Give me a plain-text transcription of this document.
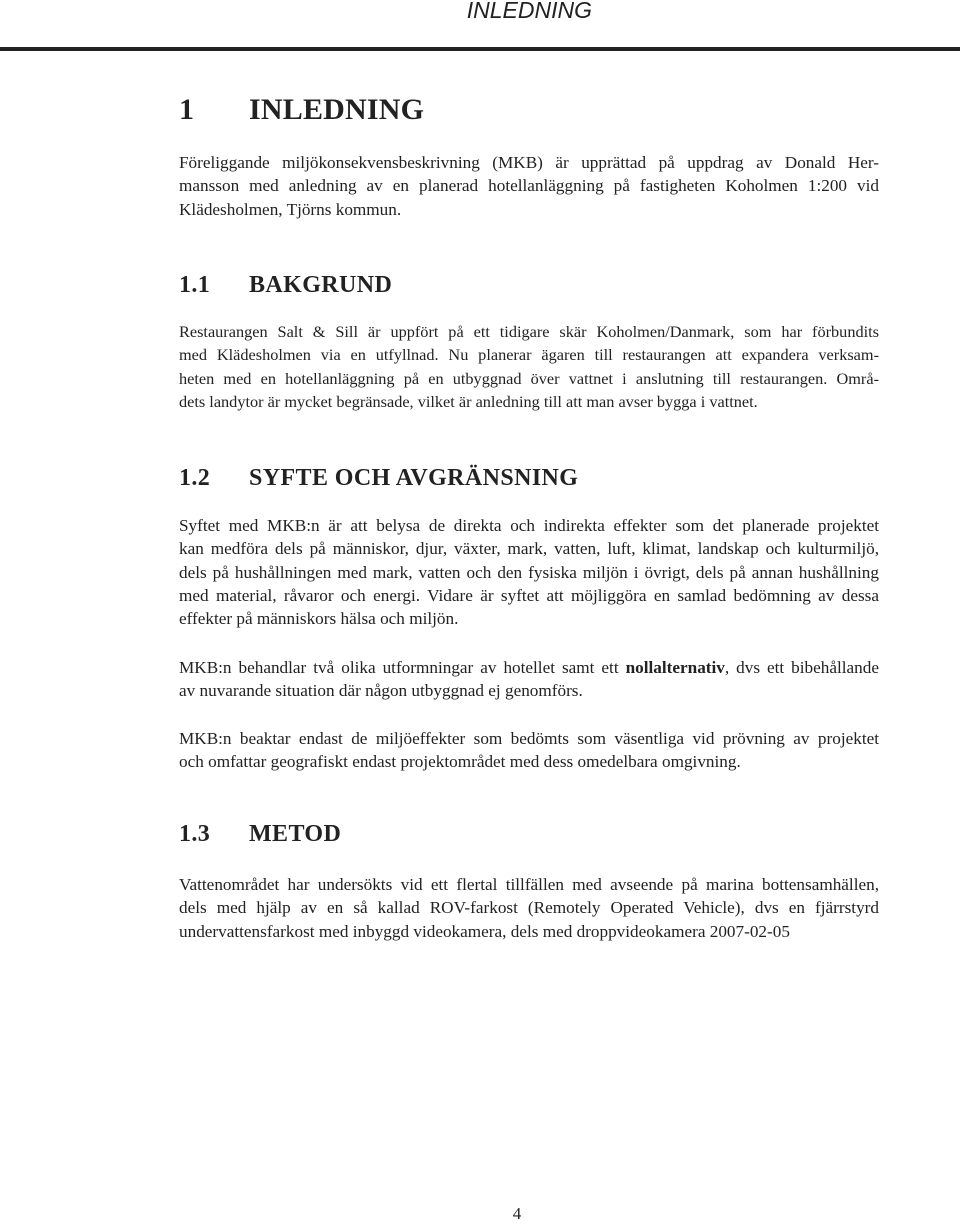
INLEDNING
1 INLEDNING

Föreliggande miljökonsekvensbeskrivning (MKB) är upprättad på uppdrag av Donald Her-
mansson med anledning av en planerad hotellanläggning på fastigheten Koholmen 1:200 vid
Klädesholmen, Tjörns kommun.

1.1 BAKGRUND

Restaurangen Salt & Sill är uppfört på ett tidigare skär Koholmen/Danmark, som har förbundits
med Klädesholmen via en utfyllnad. Nu planerar ägaren till restaurangen att expandera verksam-
heten med en hotellanläggning på en utbyggnad över vattnet i anslutning till restaurangen. Områ-
dets landytor är mycket begränsade, vilket är anledning till att man avser bygga i vattnet.

1.2 SYFTE OCH AVGRÄNSNING

Syftet med MKB:n är att belysa de direkta och indirekta effekter som det planerade projektet
kan medföra dels på människor, djur, växter, mark, vatten, luft, klimat, landskap och kulturmiljö,
dels på hushållningen med mark, vatten och den fysiska miljön i övrigt, dels på annan hushållning
med material, råvaror och energi. Vidare är syftet att möjliggöra en samlad bedömning av dessa
effekter på människors hälsa och miljön.

MKB:n behandlar två olika utformningar av hotellet samt ett nollalternativ, dvs ett bibehållande
av nuvarande situation där någon utbyggnad ej genomförs.

MKB:n beaktar endast de miljöeffekter som bedömts som väsentliga vid prövning av projektet
och omfattar geografiskt endast projektområdet med dess omedelbara omgivning.

1.3 METOD

Vattenområdet har undersökts vid ett flertal tillfällen med avseende på marina bottensamhällen,
dels med hjälp av en så kallad ROV-farkost (Remotely Operated Vehicle), dvs en fjärrstyrd
undervattensfarkost med inbyggd videokamera, dels med droppvideokamera 2007-02-05

4
